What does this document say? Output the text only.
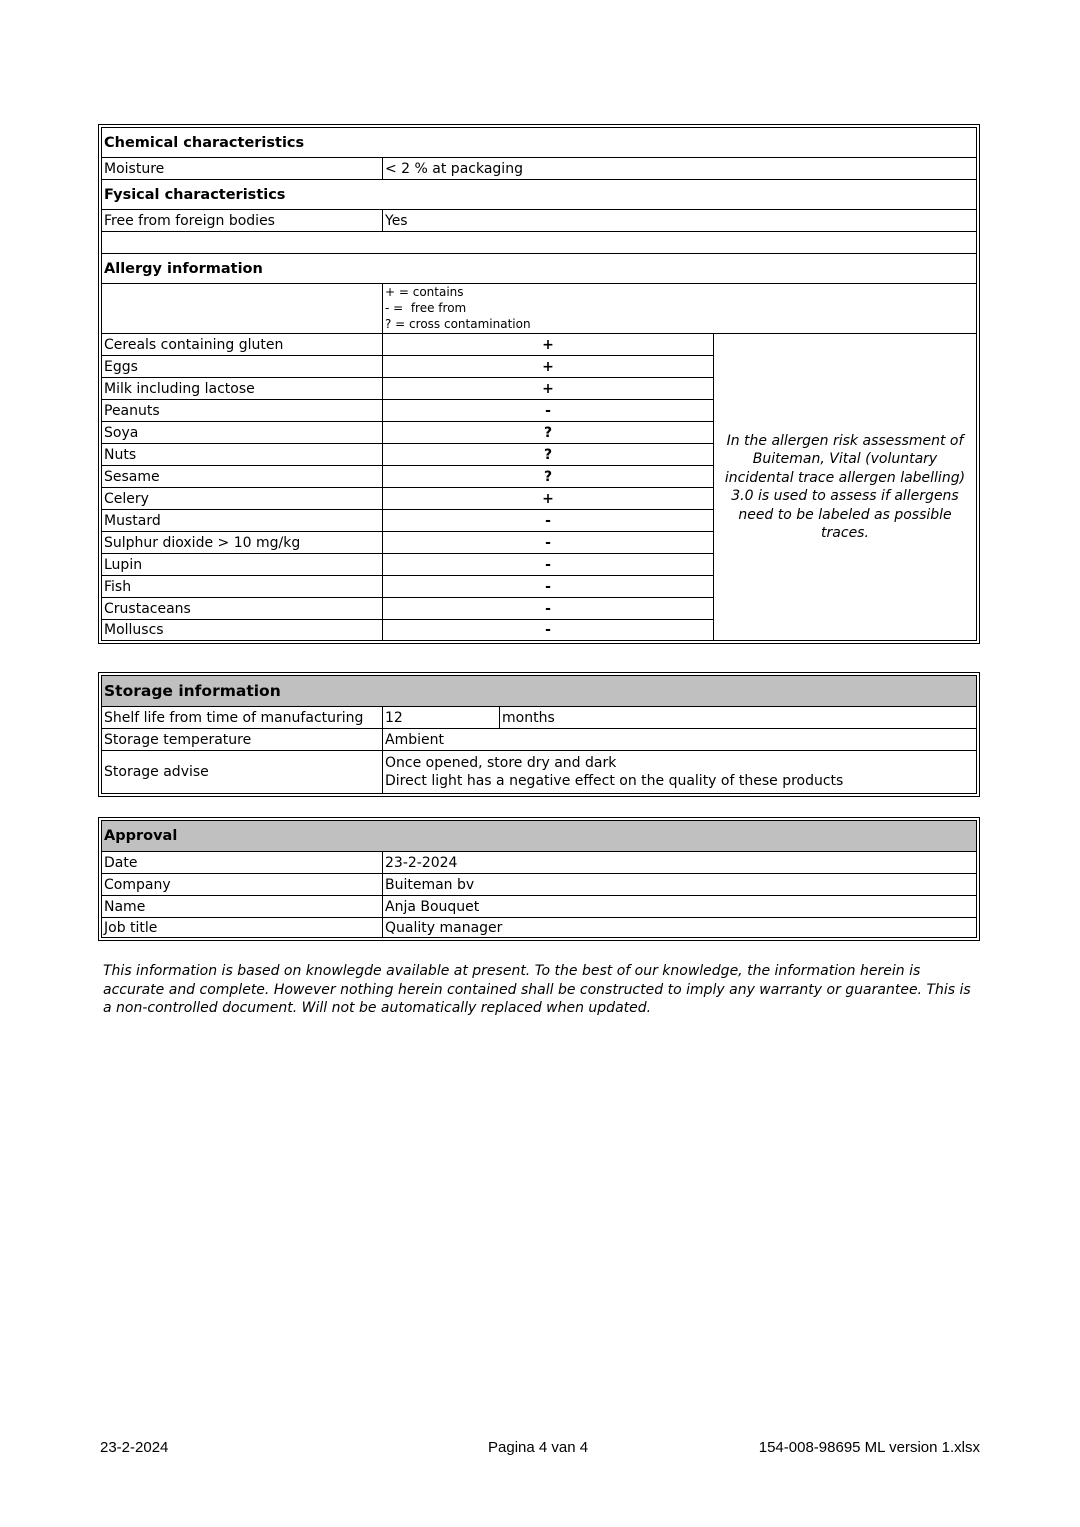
Chemical characteristics		
Moisture	< 2 % at packaging	
Fysical characteristics		
Free from foreign bodies	Yes	

Allergy information		

	+ = contains
- =  free from
? = cross contamination	

Cereals containing gluten	+	In the allergen risk assessment of Buiteman, Vital (voluntary incidental trace allergen labelling) 3.0 is used to assess if allergens need to be labeled as possible traces.
Eggs	+	
Milk including lactose	+	
Peanuts	-	
Soya	?	
Nuts	?	
Sesame	?	
Celery	+	
Mustard	-	
Sulphur dioxide > 10 mg/kg	-	
Lupin	-	
Fish	-	
Crustaceans	-	
Molluscs	-	
Storage information		
Shelf life from time of manufacturing	12	months
Storage temperature	Ambient	
Storage advise	Once opened, store dry and dark
Direct light has a negative effect on the quality of these products	
Approval	
Date	23-2-2024
Company	Buiteman bv
Name	Anja Bouquet
Job title	Quality manager
This information is based on knowlegde available at present. To the best of our knowledge, the information herein is accurate and complete. However nothing herein contained shall be constructed to imply any warranty or guarantee. This is a non-controlled document. Will not be automatically replaced when updated.
23-2-2024	Pagina 4 van 4	154-008-98695 ML version 1.xlsx
